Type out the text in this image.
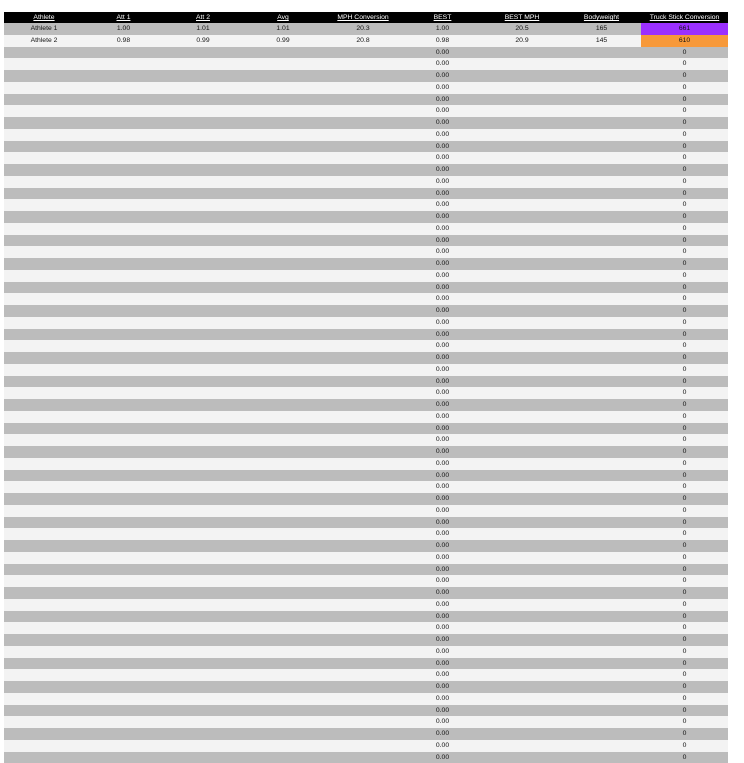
Athlete	Att 1	Att 2	Avg	MPH Conversion	BEST	BEST MPH	Bodyweight	Truck Stick Conversion
Athlete 1	1.00	1.01	1.01	20.3	1.00	20.5	165	661
Athlete 2	0.98	0.99	0.99	20.8	0.98	20.9	145	610
					0.00			0
					0.00			0
					0.00			0
					0.00			0
					0.00			0
					0.00			0
					0.00			0
					0.00			0
					0.00			0
					0.00			0
					0.00			0
					0.00			0
					0.00			0
					0.00			0
					0.00			0
					0.00			0
					0.00			0
					0.00			0
					0.00			0
					0.00			0
					0.00			0
					0.00			0
					0.00			0
					0.00			0
					0.00			0
					0.00			0
					0.00			0
					0.00			0
					0.00			0
					0.00			0
					0.00			0
					0.00			0
					0.00			0
					0.00			0
					0.00			0
					0.00			0
					0.00			0
					0.00			0
					0.00			0
					0.00			0
					0.00			0
					0.00			0
					0.00			0
					0.00			0
					0.00			0
					0.00			0
					0.00			0
					0.00			0
					0.00			0
					0.00			0
					0.00			0
					0.00			0
					0.00			0
					0.00			0
					0.00			0
					0.00			0
					0.00			0
					0.00			0
					0.00			0
					0.00			0
					0.00			0
